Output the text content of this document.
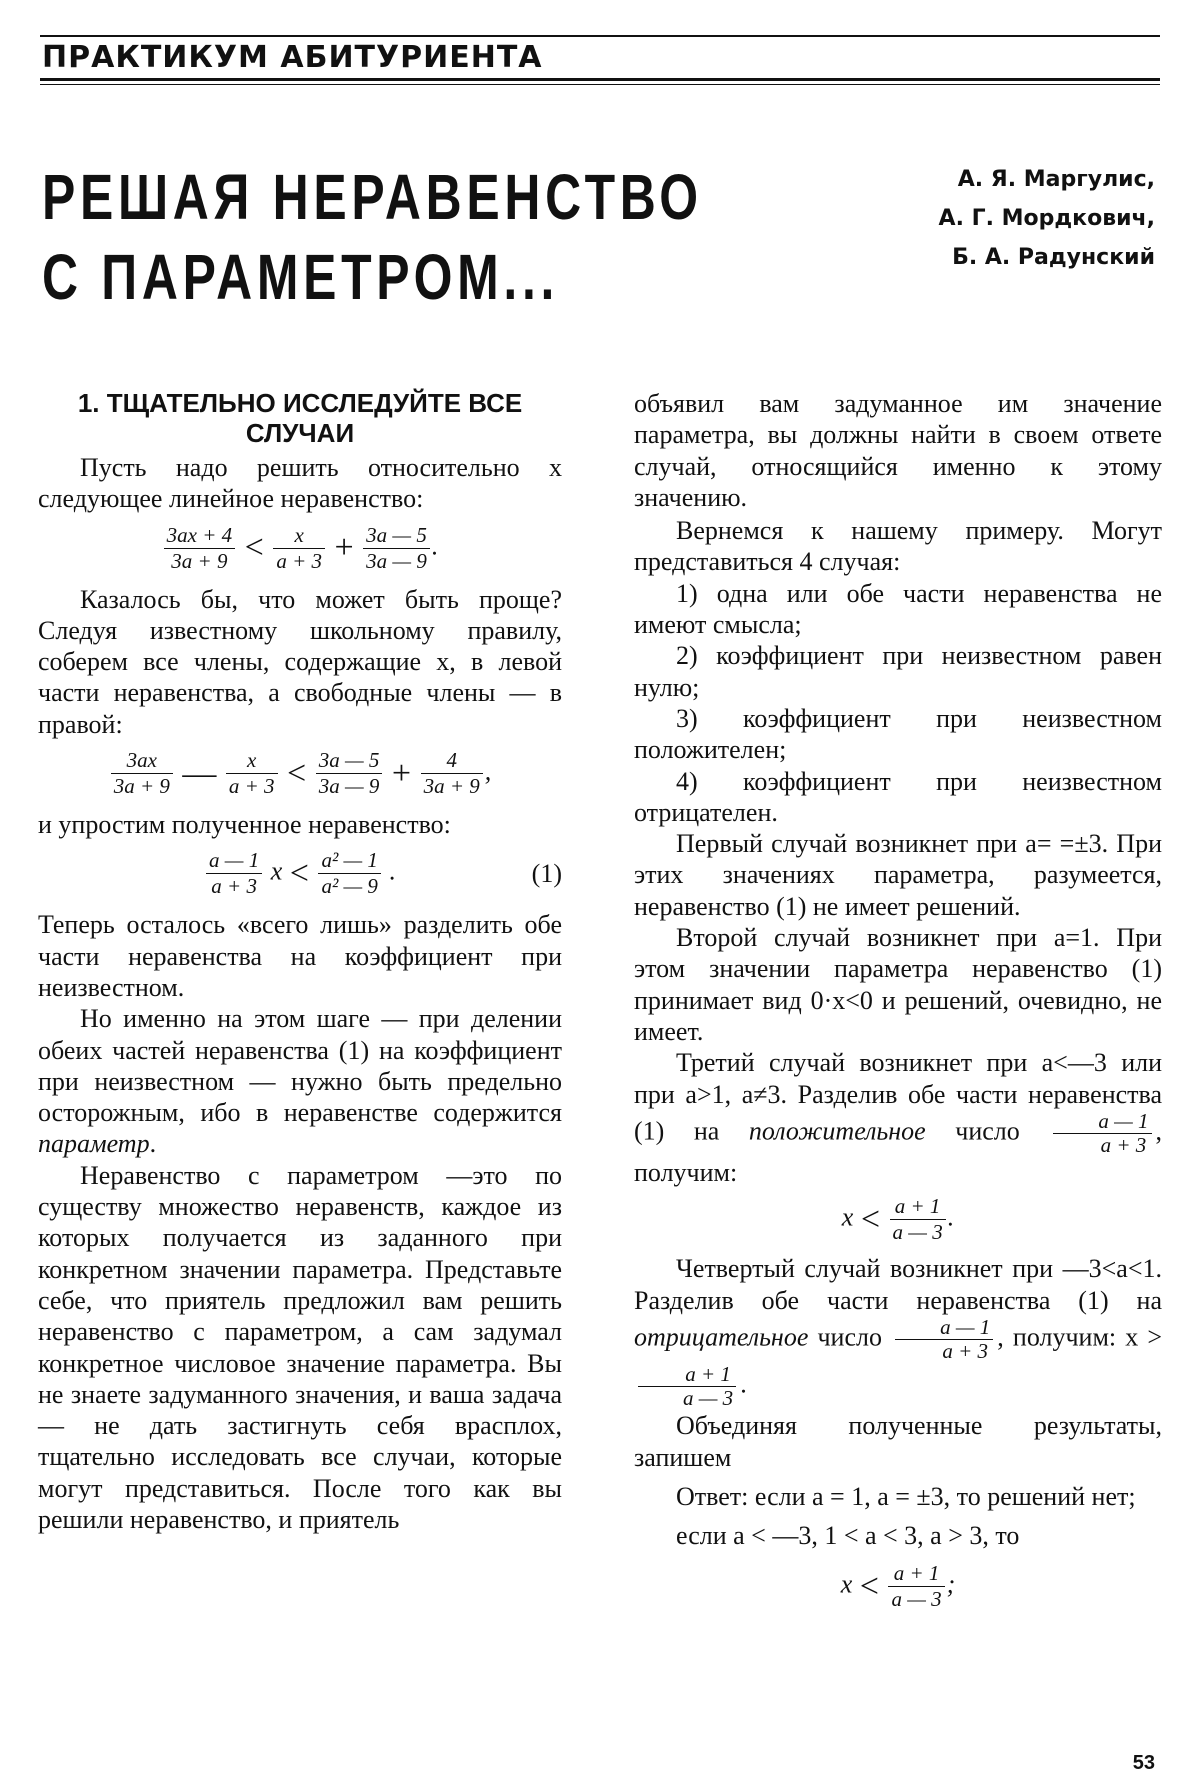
ПРАКТИКУМ АБИТУРИЕНТА
РЕШАЯ НЕРАВЕНСТВО
С ПАРАМЕТРОМ...
А. Я. Маргулис,
А. Г. Мордкович,
Б. А. Радунский
1. ТЩАТЕЛЬНО ИССЛЕДУЙТЕ ВСЕ СЛУЧАИ

Пусть надо решить относительно x следующее линейное неравенство:

$\frac{3ax + 4}{3a + 9} < \frac{x}{a + 3} + \frac{3a — 5}{3a — 9}$ .

Казалось бы, что может быть проще? Следуя известному школьному правилу, соберем все члены, содержащие x, в левой части неравенства, а свободные члены — в правой:

$\frac{3ax}{3a + 9}$ — $\frac{x}{a + 3} < \frac{3a — 5}{3a — 9} + \frac{4}{3a + 9}$ ,

и упростим полученное неравенство:

$\frac{a — 1}{a + 3}$ $x < \frac{\text{a² — 1}}{\text{a² — 9}}$ .	(1)

Теперь осталось «всего лишь» разделить обе части неравенства на коэффициент при неизвестном.

Но именно на этом шаге — при делении обеих частей неравенства (1) на коэффициент при неизвестном — нужно быть предельно осторожным, ибо в неравенстве содержится параметр.

Неравенство с параметром —это по существу множество неравенств, каждое из которых получается из заданного при конкретном значении параметра. Представьте себе, что приятель предложил вам решить неравенство с параметром, а сам задумал конкретное числовое значение параметра. Вы не знаете задуманного значения, и ваша задача — не дать застигнуть себя врасплох, тщательно исследовать все случаи, которые могут представиться. После того как вы решили неравенство, и приятель

объявил вам задуманное им значение параметра, вы должны найти в своем ответе случай, относящийся именно к этому значению.

Вернемся к нашему примеру. Могут представиться 4 случая:

1) одна или обе части неравенства не имеют смысла;

2) коэффициент при неизвестном равен нулю;

3) коэффициент при неизвестном положителен;

4) коэффициент при неизвестном отрицателен.

Первый случай возникнет при a= =±3. При этих значениях параметра, разумеется, неравенство (1) не имеет решений.

Второй случай возникнет при a=1. При этом значении параметра неравенство (1) принимает вид 0·x<0 и решений, очевидно, не имеет.

Третий случай возникнет при a<—3 или при a>1, a≠3. Разделив обе части неравенства (1) на положительное число $\frac{a — 1}{a + 3}$ , получим:

$x < \frac{a + 1}{a — 3}$ .

Четвертый случай возникнет при —3<a<1. Разделив обе части неравенства (1) на отрицательное число $\frac{a — 1}{a + 3}$ , получим: x >
$\frac{a + 1}{a — 3}$ .

Объединяя полученные результаты, запишем

Ответ: если a = 1, a = ±3, то решений нет;

если a < —3, 1 < a < 3, a > 3, то

$x < \frac{a + 1}{a — 3}$ ;
53
